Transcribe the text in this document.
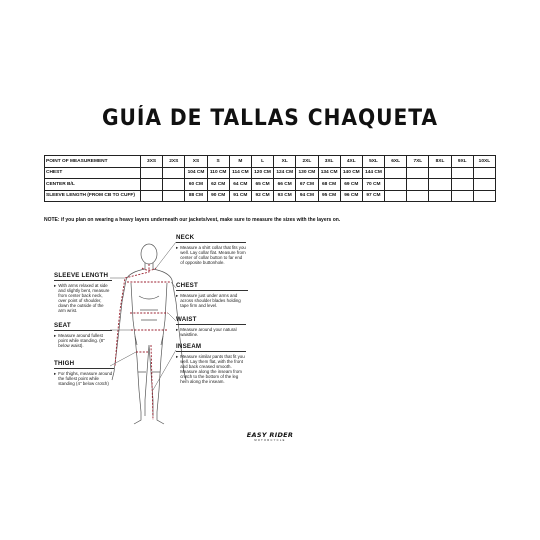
GUÍA DE TALLAS CHAQUETA
POINT OF MEASUREMENT	3XS	2XS	XS	S	M	L	XL	2XL	3XL	4XL	5XL	6XL	7XL	8XL	9XL	10XL
CHEST			104 CM	110 CM	114 CM	120 CM	124 CM	130 CM	134 CM	140 CM	144 CM					
CENTER B/L			60 CM	62 CM	64 CM	65 CM	66 CM	67 CM	68 CM	69 CM	70 CM					
SLEEVE LENGTH (FROM CB TO CUFF)			88 CM	90 CM	91 CM	92 CM	93 CM	94 CM	95 CM	96 CM	97 CM					
NOTE: if you plan on wearing a heavy layers underneath our jackets/vest, make sure to measure the sizes with the layers on.
NECK
▸ Measure a shirt collar that fits you well. Lay collar flat. Measure from center of collar button to far end of opposite buttonhole.
CHEST
▸ Measure just under arms and across shoulder blades holding tape firm and level.
WAIST
▸ Measure around your natural waistline.
INSEAM
▸ Measure similar pants that fit you well. Lay them flat, with the front and back creased smooth. Measure along the inseam from crotch to the bottom of the leg hem along the inseam.
SLEEVE LENGTH
▸ With arms relaxed at side and slightly bent, measure from center back neck, over point of shoulder, down the outside of the arm wrist.
SEAT
▸ Measure around fullest point while standing. (8" below waist).
THIGH
▸ For thighs, measure around the fullest point while standing (4" below crotch)
EASY RIDER
MOTORCYCLE
